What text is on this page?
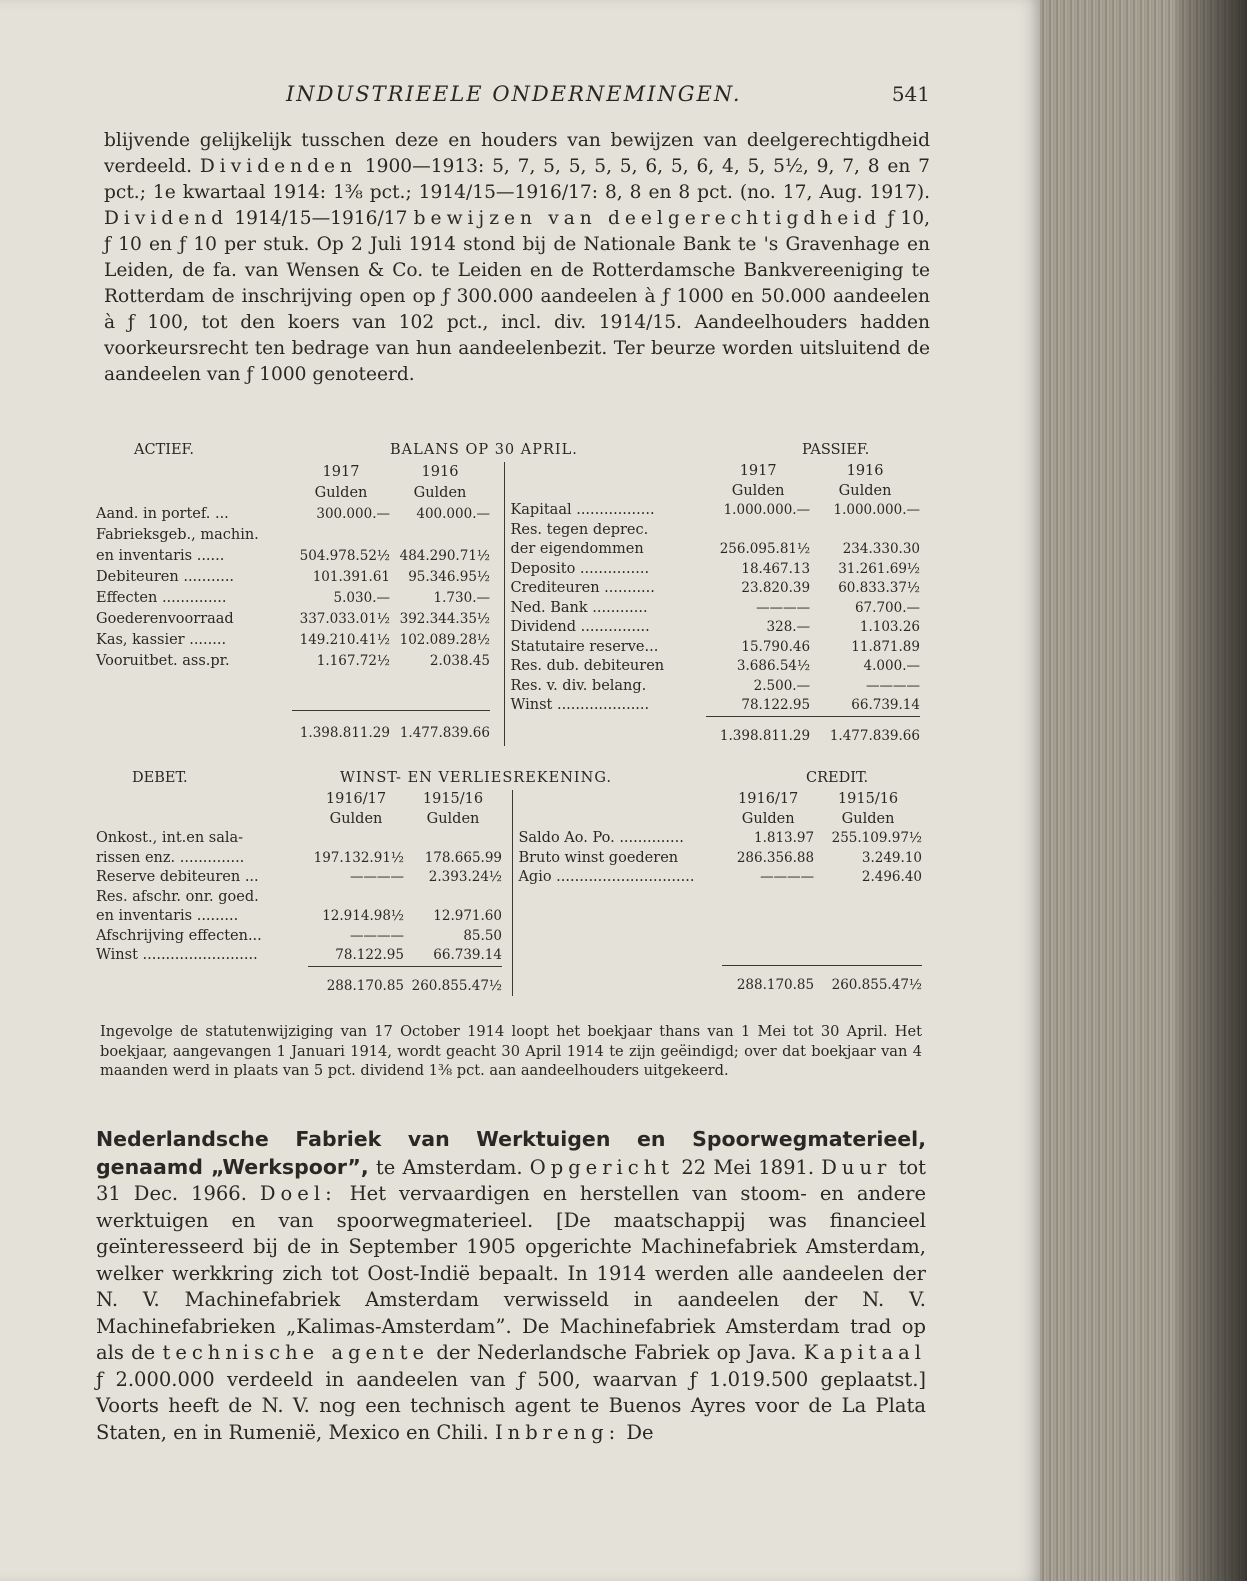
INDUSTRIEELE ONDERNEMINGEN.	541
blijvende gelijkelijk tusschen deze en houders van bewijzen van deelgerechtigdheid verdeeld. Dividenden 1900—1913: 5, 7, 5, 5, 5, 5, 6, 5, 6, 4, 5, 5½, 9, 7, 8 en 7 pct.; 1e kwartaal 1914: 1⅜ pct.; 1914/15—1916/17: 8, 8 en 8 pct. (no. 17, Aug. 1917). Dividend 1914/15—1916/17 bewijzen van deelgerechtigdheid ƒ 10, ƒ 10 en ƒ 10 per stuk. Op 2 Juli 1914 stond bij de Nationale Bank te 's Gravenhage en Leiden, de fa. van Wensen & Co. te Leiden en de Rotterdamsche Bankvereeniging te Rotterdam de inschrijving open op ƒ 300.000 aandeelen à ƒ 1000 en 50.000 aandeelen à ƒ 100, tot den koers van 102 pct., incl. div. 1914/15. Aandeelhouders hadden voorkeursrecht ten bedrage van hun aandeelenbezit. Ter beurze worden uitsluitend de aandeelen van ƒ 1000 genoteerd.
ACTIEF.	BALANS OP 30 APRIL.	PASSIEF.
	1917	1916	
	Gulden	Gulden	
Aand. in portef. ...	300.000.—	400.000.—	
Fabrieksgeb., machin.			
en inventaris ......	504.978.52½	484.290.71½	
Debiteuren ...........	101.391.61	95.346.95½	
Effecten ..............	5.030.—	1.730.—	
Goederenvoorraad	337.033.01½	392.344.35½	
Kas, kassier ........	149.210.41½	102.089.28½	
Vooruitbet. ass.pr.	1.167.72½	2.038.45	

	1.398.811.29	1.477.839.66	
		1917	1916
		Gulden	Gulden
	Kapitaal .................	1.000.000.—	1.000.000.—
	Res. tegen deprec.		
	der eigendommen	256.095.81½	234.330.30
	Deposito ...............	18.467.13	31.261.69½
	Crediteuren ...........	23.820.39	60.833.37½
	Ned. Bank ............	————	67.700.—
	Dividend ...............	328.—	1.103.26
	Statutaire reserve...	15.790.46	11.871.89
	Res. dub. debiteuren	3.686.54½	4.000.—
	Res. v. div. belang.	2.500.—	————
	Winst ....................	78.122.95	66.739.14
		1.398.811.29	1.477.839.66
DEBET.	WINST- EN VERLIESREKENING.	CREDIT.
	1916/17	1915/16	
	Gulden	Gulden	
Onkost., int.en sala-			
rissen enz. ..............	197.132.91½	178.665.99	
Reserve debiteuren ...	————	2.393.24½	
Res. afschr. onr. goed.			
en inventaris .........	12.914.98½	12.971.60	
Afschrijving effecten...	————	85.50	
Winst .........................	78.122.95	66.739.14	
	288.170.85	260.855.47½	
		1916/17	1915/16
		Gulden	Gulden
	Saldo Ao. Po. ..............	1.813.97	255.109.97½
	Bruto winst goederen	286.356.88	3.249.10
	Agio ..............................	————	2.496.40

		288.170.85	260.855.47½
Ingevolge de statutenwijziging van 17 October 1914 loopt het boekjaar thans van 1 Mei tot 30 April. Het boekjaar, aangevangen 1 Januari 1914, wordt geacht 30 April 1914 te zijn geëindigd; over dat boekjaar van 4 maanden werd in plaats van 5 pct. dividend 1⅜ pct. aan aandeelhouders uitgekeerd.
Nederlandsche Fabriek van Werktuigen en Spoorwegmaterieel, genaamd „Werkspoor”, te Amsterdam. Opgericht 22 Mei 1891. Duur tot 31 Dec. 1966. Doel: Het vervaardigen en herstellen van stoom- en andere werktuigen en van spoorwegmaterieel. [De maatschappij was financieel geïnteresseerd bij de in September 1905 opgerichte Machinefabriek Amsterdam, welker werkkring zich tot Oost-Indië bepaalt. In 1914 werden alle aandeelen der N. V. Machinefabriek Amsterdam verwisseld in aandeelen der N. V. Machinefabrieken „Kalimas-Amsterdam”. De Machinefabriek Amsterdam trad op als de technische agente der Nederlandsche Fabriek op Java. Kapitaal ƒ 2.000.000 verdeeld in aandeelen van ƒ 500, waarvan ƒ 1.019.500 geplaatst.] Voorts heeft de N. V. nog een technisch agent te Buenos Ayres voor de La Plata Staten, en in Rumenië, Mexico en Chili. Inbreng: De
